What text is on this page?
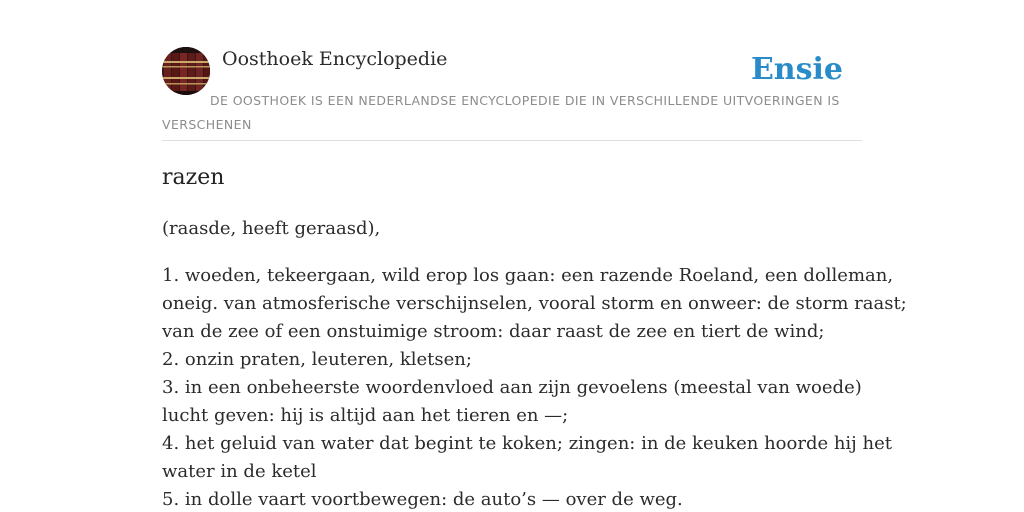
Oosthoek Encyclopedie	Ensie
DE OOSTHOEK IS EEN NEDERLANDSE ENCYCLOPEDIE DIE IN VERSCHILLENDE UITVOERINGEN IS VERSCHENEN
razen

(raasde, heeft geraasd),

1. woeden, tekeergaan, wild erop los gaan: een razende Roeland, een dolleman,
oneig. van atmosferische verschijnselen, vooral storm en onweer: de storm raast;
van de zee of een onstuimige stroom: daar raast de zee en tiert de wind;
2. onzin praten, leuteren, kletsen;
3. in een onbeheerste woordenvloed aan zijn gevoelens (meestal van woede)
lucht geven: hij is altijd aan het tieren en —;
4. het geluid van water dat begint te koken; zingen: in de keuken hoorde hij het
water in de ketel
5. in dolle vaart voortbewegen: de auto’s — over de weg.
